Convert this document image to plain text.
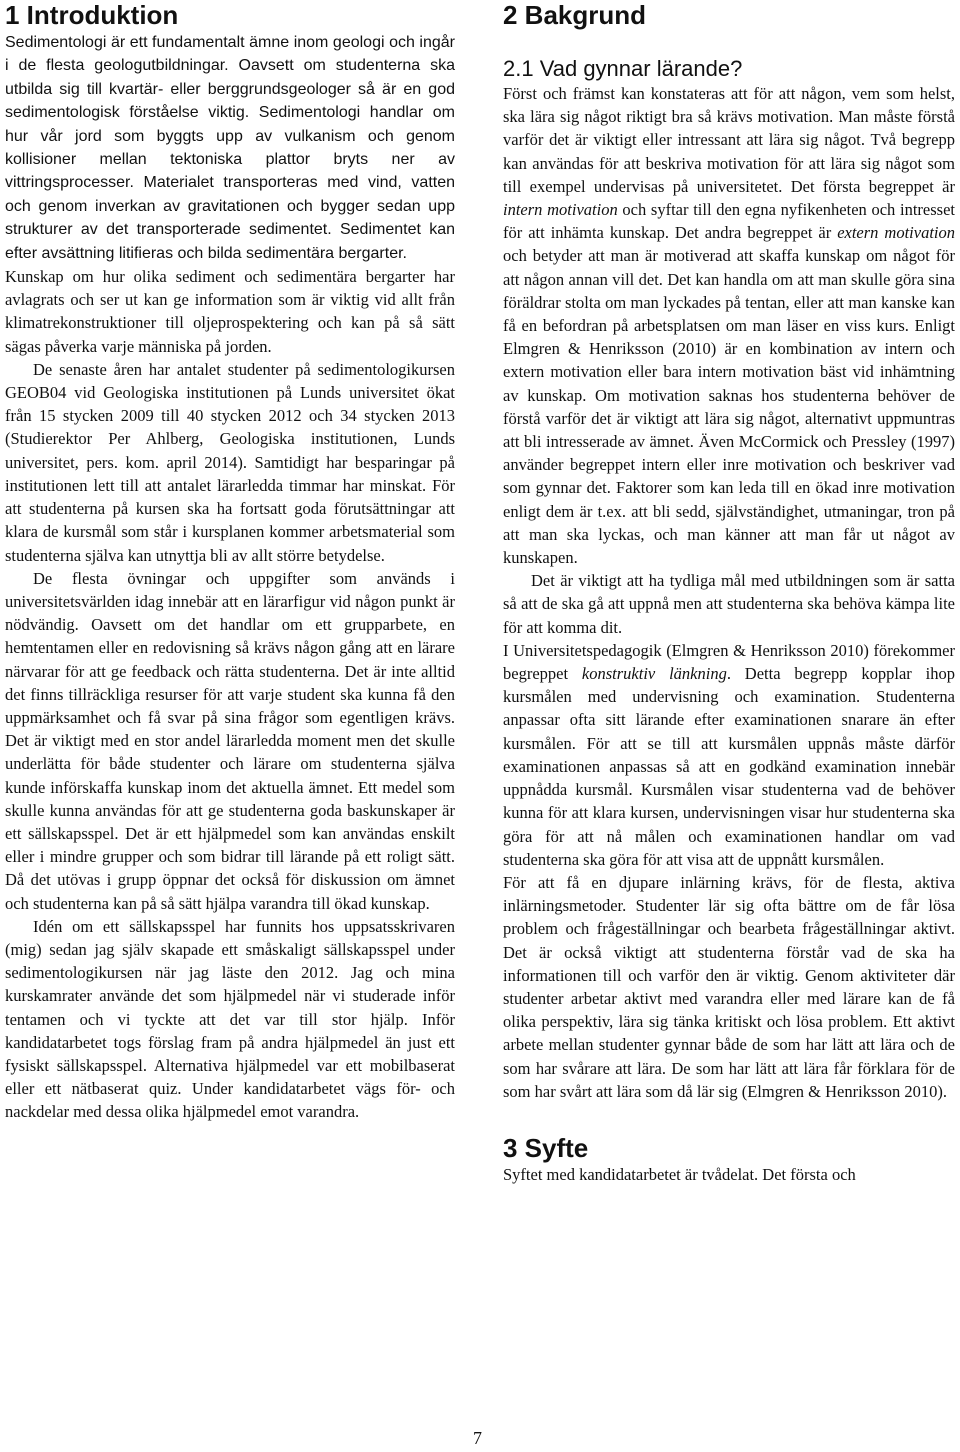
1 Introduktion

Sedimentologi är ett fundamentalt ämne inom geologi och ingår i de flesta geologutbildningar. Oavsett om studenterna ska utbilda sig till kvartär- eller berggrundsgeologer så är en god sedimentologisk förståelse viktig. Sedimentologi handlar om hur vår jord som byggts upp av vulkanism och genom kollisioner mellan tektoniska plattor bryts ner av vittringsprocesser. Materialet transporteras med vind, vatten och genom inverkan av gravitationen och bygger sedan upp strukturer av det transporterade sedimentet. Sedimentet kan efter avsättning litifieras och bilda sedimentära bergarter.

Kunskap om hur olika sediment och sedimentära bergarter har avlagrats och ser ut kan ge information som är viktig vid allt från klimatrekonstruktioner till oljeprospektering och kan på så sätt sägas påverka varje människa på jorden.

De senaste åren har antalet studenter på sedimentologikursen GEOB04 vid Geologiska institutionen på Lunds universitet ökat från 15 stycken 2009 till 40 stycken 2012 och 34 stycken 2013 (Studierektor Per Ahlberg, Geologiska institutionen, Lunds universitet, pers. kom. april 2014). Samtidigt har besparingar på institutionen lett till att antalet lärarledda timmar har minskat. För att studenterna på kursen ska ha fortsatt goda förutsättningar att klara de kursmål som står i kursplanen kommer arbetsmaterial som studenterna själva kan utnyttja bli av allt större betydelse.

De flesta övningar och uppgifter som används i universitetsvärlden idag innebär att en lärarfigur vid någon punkt är nödvändig. Oavsett om det handlar om ett grupparbete, en hemtentamen eller en redovisning så krävs någon gång att en lärare närvarar för att ge feedback och rätta studenterna. Det är inte alltid det finns tillräckliga resurser för att varje student ska kunna få den uppmärksamhet och få svar på sina frågor som egentligen krävs. Det är viktigt med en stor andel lärarledda moment men det skulle underlätta för både studenter och lärare om studenterna själva kunde införskaffa kunskap inom det aktuella ämnet. Ett medel som skulle kunna användas för att ge studenterna goda baskunskaper är ett sällskapsspel. Det är ett hjälpmedel som kan användas enskilt eller i mindre grupper och som bidrar till lärande på ett roligt sätt. Då det utövas i grupp öppnar det också för diskussion om ämnet och studenterna kan på så sätt hjälpa varandra till ökad kunskap.

Idén om ett sällskapsspel har funnits hos uppsatsskrivaren (mig) sedan jag själv skapade ett småskaligt sällskapsspel under sedimentologikursen när jag läste den 2012. Jag och mina kurskamrater använde det som hjälpmedel när vi studerade inför tentamen och vi tyckte att det var till stor hjälp. Inför kandidatarbetet togs förslag fram på andra hjälpmedel än just ett fysiskt sällskapsspel. Alternativa hjälpmedel var ett mobilbaserat eller ett nätbaserat quiz. Under kandidatarbetet vägs för- och nackdelar med dessa olika hjälpmedel emot varandra.

2 Bakgrund
2.1 Vad gynnar lärande?

Först och främst kan konstateras att för att någon, vem som helst, ska lära sig något riktigt bra så krävs motivation. Man måste förstå varför det är viktigt eller intressant att lära sig något. Två begrepp kan användas för att beskriva motivation för att lära sig något som till exempel undervisas på universitetet. Det första begreppet är intern motivation och syftar till den egna nyfikenheten och intresset för att inhämta kunskap. Det andra begreppet är extern motivation och betyder att man är motiverad att skaffa kunskap om något för att någon annan vill det. Det kan handla om att man skulle göra sina föräldrar stolta om man lyckades på tentan, eller att man kanske kan få en befordran på arbetsplatsen om man läser en viss kurs. Enligt Elmgren & Henriksson (2010) är en kombination av intern och extern motivation eller bara intern motivation bäst vid inhämtning av kunskap. Om motivation saknas hos studenterna behöver de förstå varför det är viktigt att lära sig något, alternativt uppmuntras att bli intresserade av ämnet. Även McCormick och Pressley (1997) använder begreppet intern eller inre motivation och beskriver vad som gynnar det. Faktorer som kan leda till en ökad inre motivation enligt dem är t.ex. att bli sedd, självständighet, utmaningar, tron på att man ska lyckas, och man känner att man får ut något av kunskapen.

Det är viktigt att ha tydliga mål med utbildningen som är satta så att de ska gå att uppnå men att studenterna ska behöva kämpa lite för att komma dit.

I Universitetspedagogik (Elmgren & Henriksson 2010) förekommer begreppet konstruktiv länkning. Detta begrepp kopplar ihop kursmålen med undervisning och examination. Studenterna anpassar ofta sitt lärande efter examinationen snarare än efter kursmålen. För att se till att kursmålen uppnås måste därför examinationen anpassas så att en godkänd examination innebär uppnådda kursmål. Kursmålen visar studenterna vad de behöver kunna för att klara kursen, undervisningen visar hur studenterna ska göra för att nå målen och examinationen handlar om vad studenterna ska göra för att visa att de uppnått kursmålen.

För att få en djupare inlärning krävs, för de flesta, aktiva inlärningsmetoder. Studenter lär sig ofta bättre om de får lösa problem och frågeställningar och bearbeta frågeställningar aktivt. Det är också viktigt att studenterna förstår vad de ska ha informationen till och varför den är viktig. Genom aktiviteter där studenter arbetar aktivt med varandra eller med lärare kan de få olika perspektiv, lära sig tänka kritiskt och lösa problem. Ett aktivt arbete mellan studenter gynnar både de som har lätt att lära och de som har svårare att lära. De som har lätt att lära får förklara för de som har svårt att lära som då lär sig (Elmgren & Henriksson 2010).

3 Syfte

Syftet med kandidatarbetet är tvådelat. Det första och

7
